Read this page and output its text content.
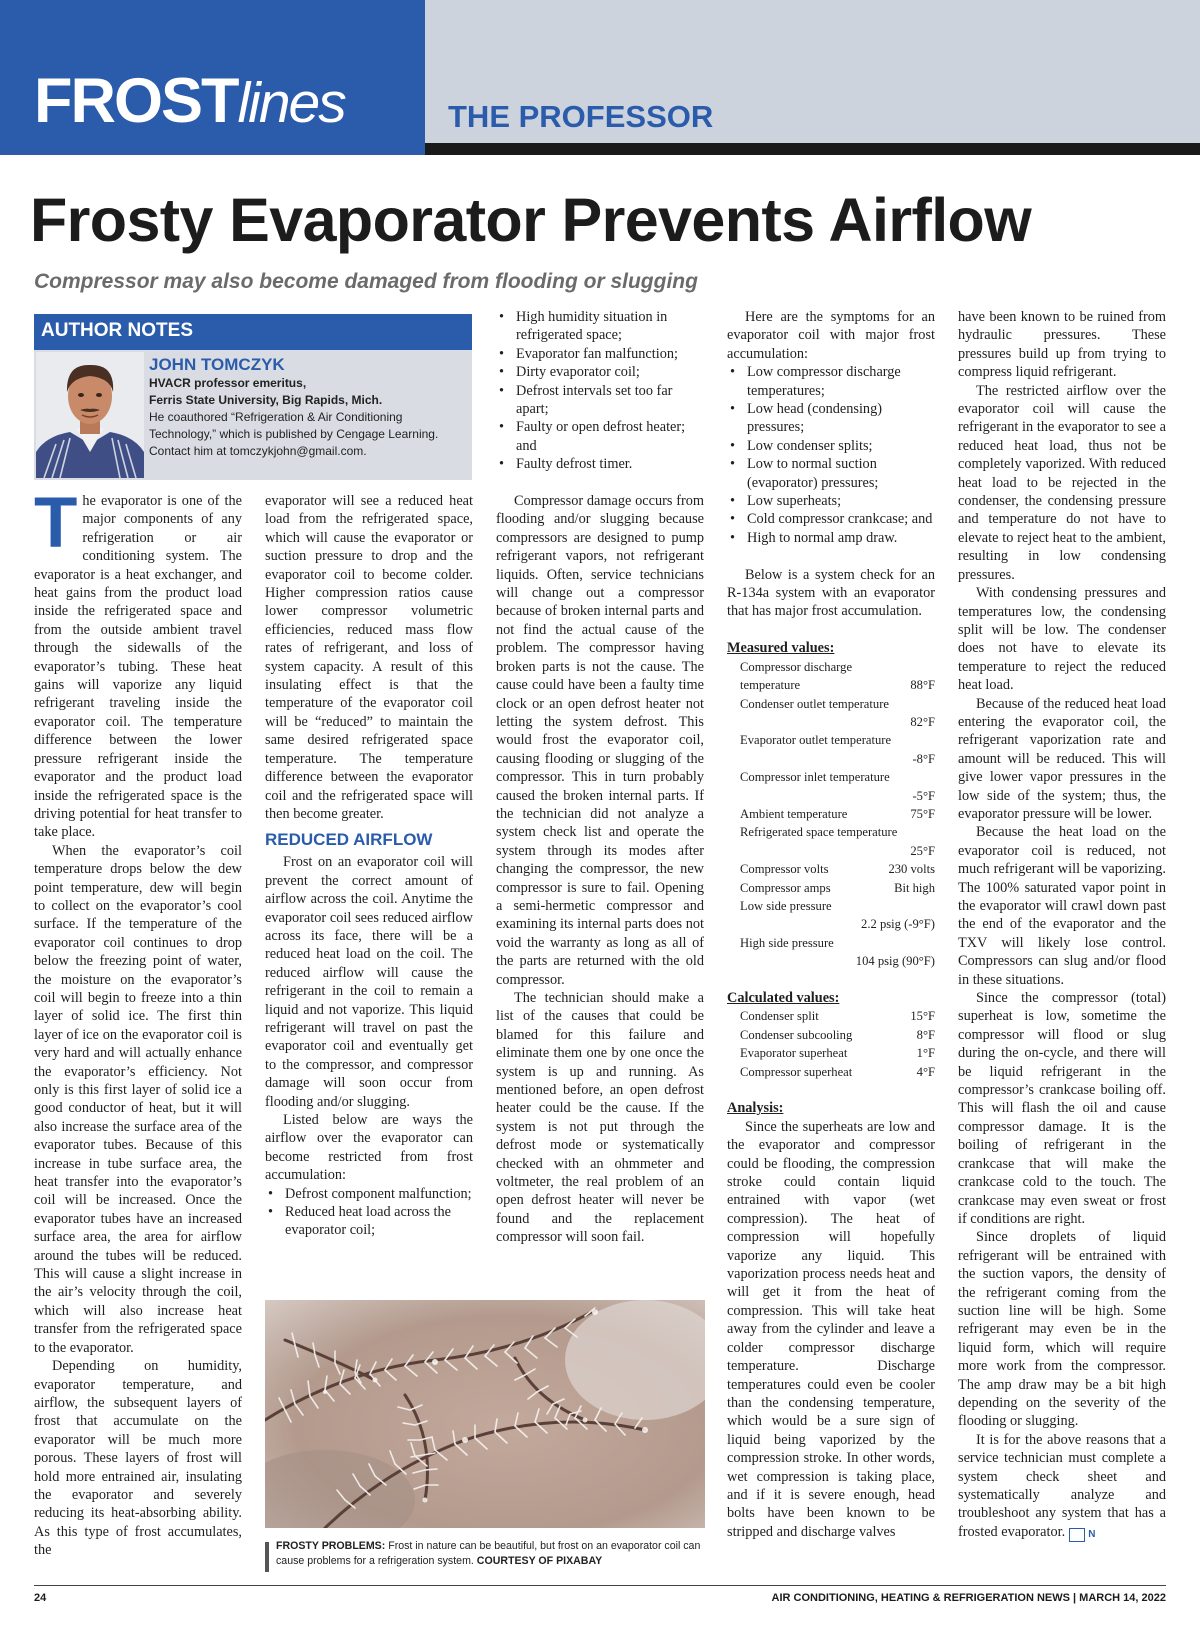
FROSTlines	THE PROFESSOR
Frosty Evaporator Prevents Airflow
Compressor may also become damaged from flooding or slugging
AUTHOR NOTES
JOHN TOMCZYK
HVACR professor emeritus,
Ferris State University, Big Rapids, Mich.
He coauthored “Refrigeration & Air Conditioning
Technology,” which is published by Cengage Learning.
Contact him at tomczykjohn@gmail.com.

The evaporator is one of the major components of any refrigeration or air conditioning system. The evaporator is a heat exchanger, and heat gains from the product load inside the refrigerated space and from the outside ambient travel through the sidewalls of the evaporator’s tubing. These heat gains will vaporize any liquid refrigerant traveling inside the evaporator coil. The temperature difference between the lower pressure refrigerant inside the evaporator and the product load inside the refrigerated space is the driving potential for heat transfer to take place.

When the evaporator’s coil temperature drops below the dew point temperature, dew will begin to collect on the evaporator’s cool surface. If the temperature of the evaporator coil continues to drop below the freezing point of water, the moisture on the evaporator’s coil will begin to freeze into a thin layer of solid ice. The first thin layer of ice on the evaporator coil is very hard and will actually enhance the evaporator’s efficiency. Not only is this first layer of solid ice a good conductor of heat, but it will also increase the surface area of the evaporator tubes. Because of this increase in tube surface area, the heat transfer into the evaporator’s coil will be increased. Once the evaporator tubes have an increased surface area, the area for airflow around the tubes will be reduced. This will cause a slight increase in the air’s velocity through the coil, which will also increase heat transfer from the refrigerated space to the evaporator.

Depending on humidity, evaporator temperature, and airflow, the subsequent layers of frost that accumulate on the evaporator will be much more porous. These layers of frost will hold more entrained air, insulating the evaporator and severely reducing its heat-absorbing ability. As this type of frost accumulates, the

evaporator will see a reduced heat load from the refrigerated space, which will cause the evaporator or suction pressure to drop and the evaporator coil to become colder. Higher compression ratios cause lower compressor volumetric efficiencies, reduced mass flow rates of refrigerant, and loss of system capacity. A result of this insulating effect is that the temperature of the evaporator coil will be “reduced” to maintain the same desired refrigerated space temperature. The temperature difference between the evaporator coil and the refrigerated space will then become greater.

REDUCED AIRFLOW

Frost on an evaporator coil will prevent the correct amount of airflow across the coil. Anytime the evaporator coil sees reduced airflow across its face, there will be a reduced heat load on the coil. The reduced airflow will cause the refrigerant in the coil to remain a liquid and not vaporize. This liquid refrigerant will travel on past the evaporator coil and eventually get to the compressor, and compressor damage will soon occur from flooding and/or slugging.

Listed below are ways the airflow over the evaporator can become restricted from frost accumulation:

• Defrost component malfunction;
• Reduced heat load across the evaporator coil;
• High humidity situation in refrigerated space;
• Evaporator fan malfunction;
• Dirty evaporator coil;
• Defrost intervals set too far apart;
• Faulty or open defrost heater; and
• Faulty defrost timer.

Compressor damage occurs from flooding and/or slugging because compressors are designed to pump refrigerant vapors, not refrigerant liquids. Often, service technicians will change out a compressor because of broken internal parts and not find the actual cause of the problem. The compressor having broken parts is not the cause. The cause could have been a faulty time clock or an open defrost heater not letting the system defrost. This would frost the evaporator coil, causing flooding or slugging of the compressor. This in turn probably caused the broken internal parts. If the technician did not analyze a system check list and operate the system through its modes after changing the compressor, the new compressor is sure to fail. Opening a semi-hermetic compressor and examining its internal parts does not void the warranty as long as all of the parts are returned with the old compressor.

The technician should make a list of the causes that could be blamed for this failure and eliminate them one by one once the system is up and running. As mentioned before, an open defrost heater could be the cause. If the system is not put through the defrost mode or systematically checked with an ohmmeter and voltmeter, the real problem of an open defrost heater will never be found and the replacement compressor will soon fail.

Here are the symptoms for an evaporator coil with major frost accumulation:

• Low compressor discharge temperatures;
• Low head (condensing) pressures;
• Low condenser splits;
• Low to normal suction (evaporator) pressures;
• Low superheats;
• Cold compressor crankcase; and
• High to normal amp draw.

Below is a system check for an R-134a system with an evaporator that has major frost accumulation.

Measured values:
Compressor discharge
temperature	88°F
Condenser outlet temperature
82°F
Evaporator outlet temperature
-8°F
Compressor inlet temperature
-5°F
Ambient temperature	75°F
Refrigerated space temperature
25°F
Compressor volts	230 volts
Compressor amps	Bit high
Low side pressure
2.2 psig (-9°F)
High side pressure
104 psig (90°F)
Calculated values:
Condenser split	15°F
Condenser subcooling	8°F
Evaporator superheat	1°F
Compressor superheat	4°F
Analysis:

Since the superheats are low and the evaporator and compressor could be flooding, the compression stroke could contain liquid entrained with vapor (wet compression). The heat of compression will hopefully vaporize any liquid. This vaporization process needs heat and will get it from the heat of compression. This will take heat away from the cylinder and leave a colder compressor discharge temperature. Discharge temperatures could even be cooler than the condensing temperature, which would be a sure sign of liquid being vaporized by the compression stroke. In other words, wet compression is taking place, and if it is severe enough, head bolts have been known to be stripped and discharge valves

have been known to be ruined from hydraulic pressures. These pressures build up from trying to compress liquid refrigerant.

The restricted airflow over the evaporator coil will cause the refrigerant in the evaporator to see a reduced heat load, thus not be completely vaporized. With reduced heat load to be rejected in the condenser, the condensing pressure and temperature do not have to elevate to reject heat to the ambient, resulting in low condensing pressures.

With condensing pressures and temperatures low, the condensing split will be low. The condenser does not have to elevate its temperature to reject the reduced heat load.

Because of the reduced heat load entering the evaporator coil, the refrigerant vaporization rate and amount will be reduced. This will give lower vapor pressures in the low side of the system; thus, the evaporator pressure will be lower.

Because the heat load on the evaporator coil is reduced, not much refrigerant will be vaporizing. The 100% saturated vapor point in the evaporator will crawl down past the end of the evaporator and the TXV will likely lose control. Compressors can slug and/or flood in these situations.

Since the compressor (total) superheat is low, sometime the compressor will flood or slug during the on-cycle, and there will be liquid refrigerant in the compressor’s crankcase boiling off. This will flash the oil and cause compressor damage. It is the boiling of refrigerant in the crankcase that will make the crankcase cold to the touch. The crankcase may even sweat or frost if conditions are right.

Since droplets of liquid refrigerant will be entrained with the suction vapors, the density of the refrigerant coming from the suction line will be high. Some refrigerant may even be in the liquid form, which will require more work from the compressor. The amp draw may be a bit high depending on the severity of the flooding or slugging.

It is for the above reasons that a service technician must complete a system check sheet and systematically analyze and troubleshoot any system that has a frosted evaporator. N

FROSTY PROBLEMS: Frost in nature can be beautiful, but frost on an evaporator coil can cause problems for a refrigeration system. COURTESY OF PIXABAY
24	AIR CONDITIONING, HEATING & REFRIGERATION NEWS | MARCH 14, 2022
